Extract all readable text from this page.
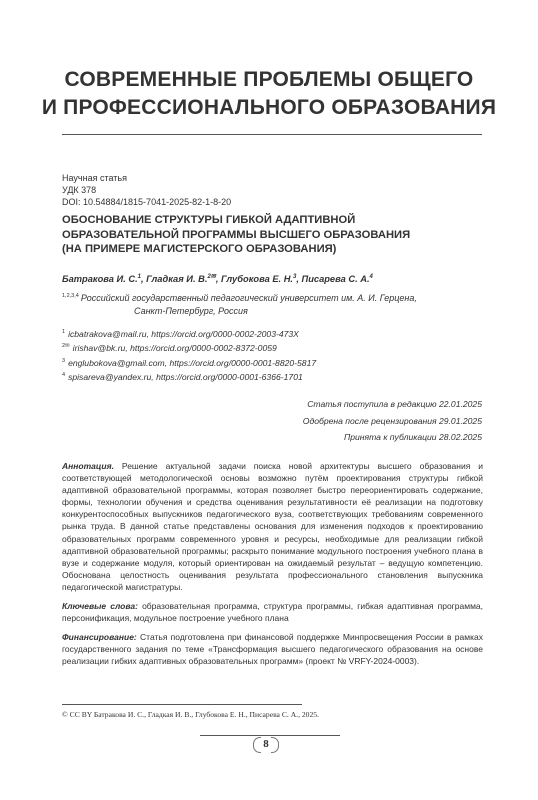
СОВРЕМЕННЫЕ ПРОБЛЕМЫ ОБЩЕГО
И ПРОФЕССИОНАЛЬНОГО ОБРАЗОВАНИЯ
Научная статья
УДК 378
DOI: 10.54884/1815-7041-2025-82-1-8-20
ОБОСНОВАНИЕ СТРУКТУРЫ ГИБКОЙ АДАПТИВНОЙ
ОБРАЗОВАТЕЛЬНОЙ ПРОГРАММЫ ВЫСШЕГО ОБРАЗОВАНИЯ
(НА ПРИМЕРЕ МАГИСТЕРСКОГО ОБРАЗОВАНИЯ)
Батракова И. С.$^1$, Гладкая И. В.$^{2✉}$, Глубокова Е. Н.$^3$, Писарева С. А.$^4$
$^{1,2,3,4}$ Российский государственный педагогический университет им. А. И. Герцена,
Санкт-Петербург, Россия
$^1$ icbatrakova@mail.ru, https://orcid.org/0000-0002-2003-473X
$^{2✉}$ irishav@bk.ru, https://orcid.org/0000-0002-8372-0059
$^3$ englubokova@gmail.com, https://orcid.org/0000-0001-8820-5817
$^4$ spisareva@yandex.ru, https://orcid.org/0000-0001-6366-1701
Статья поступила в редакцию 22.01.2025
Одобрена после рецензирования 29.01.2025
Принята к публикации 28.02.2025

Аннотация. Решение актуальной задачи поиска новой архитектуры высшего образования и соответствующей методологической основы возможно путём проектирования структуры гибкой адаптивной образовательной программы, которая позволяет быстро переориентировать содержание, формы, технологии обучения и средства оценивания результативности её реализации на подготовку конкурентоспособных выпускников педагогического вуза, соответствующих требованиям современного рынка труда. В данной статье представлены основания для изменения подходов к проектированию образовательных программ современного уровня и ресурсы, необходимые для реализации гибкой адаптивной образовательной программы; раскрыто понимание модульного построения учебного плана в вузе и содержание модуля, который ориентирован на ожидаемый результат – ведущую компетенцию. Обоснована целостность оценивания результата профессионального становления выпускника педагогической магистратуры.

Ключевые слова: образовательная программа, структура программы, гибкая адаптивная программа, персонификация, модульное построение учебного плана

Финансирование: Статья подготовлена при финансовой поддержке Минпросвещения России в рамках государственного задания по теме «Трансформация высшего педагогического образования на основе реализации гибких адаптивных образовательных программ» (проект № VRFY-2024-0003).

© CC BY Батракова И. С., Гладкая И. В., Глубокова Е. Н., Писарева С. А., 2025.
8
